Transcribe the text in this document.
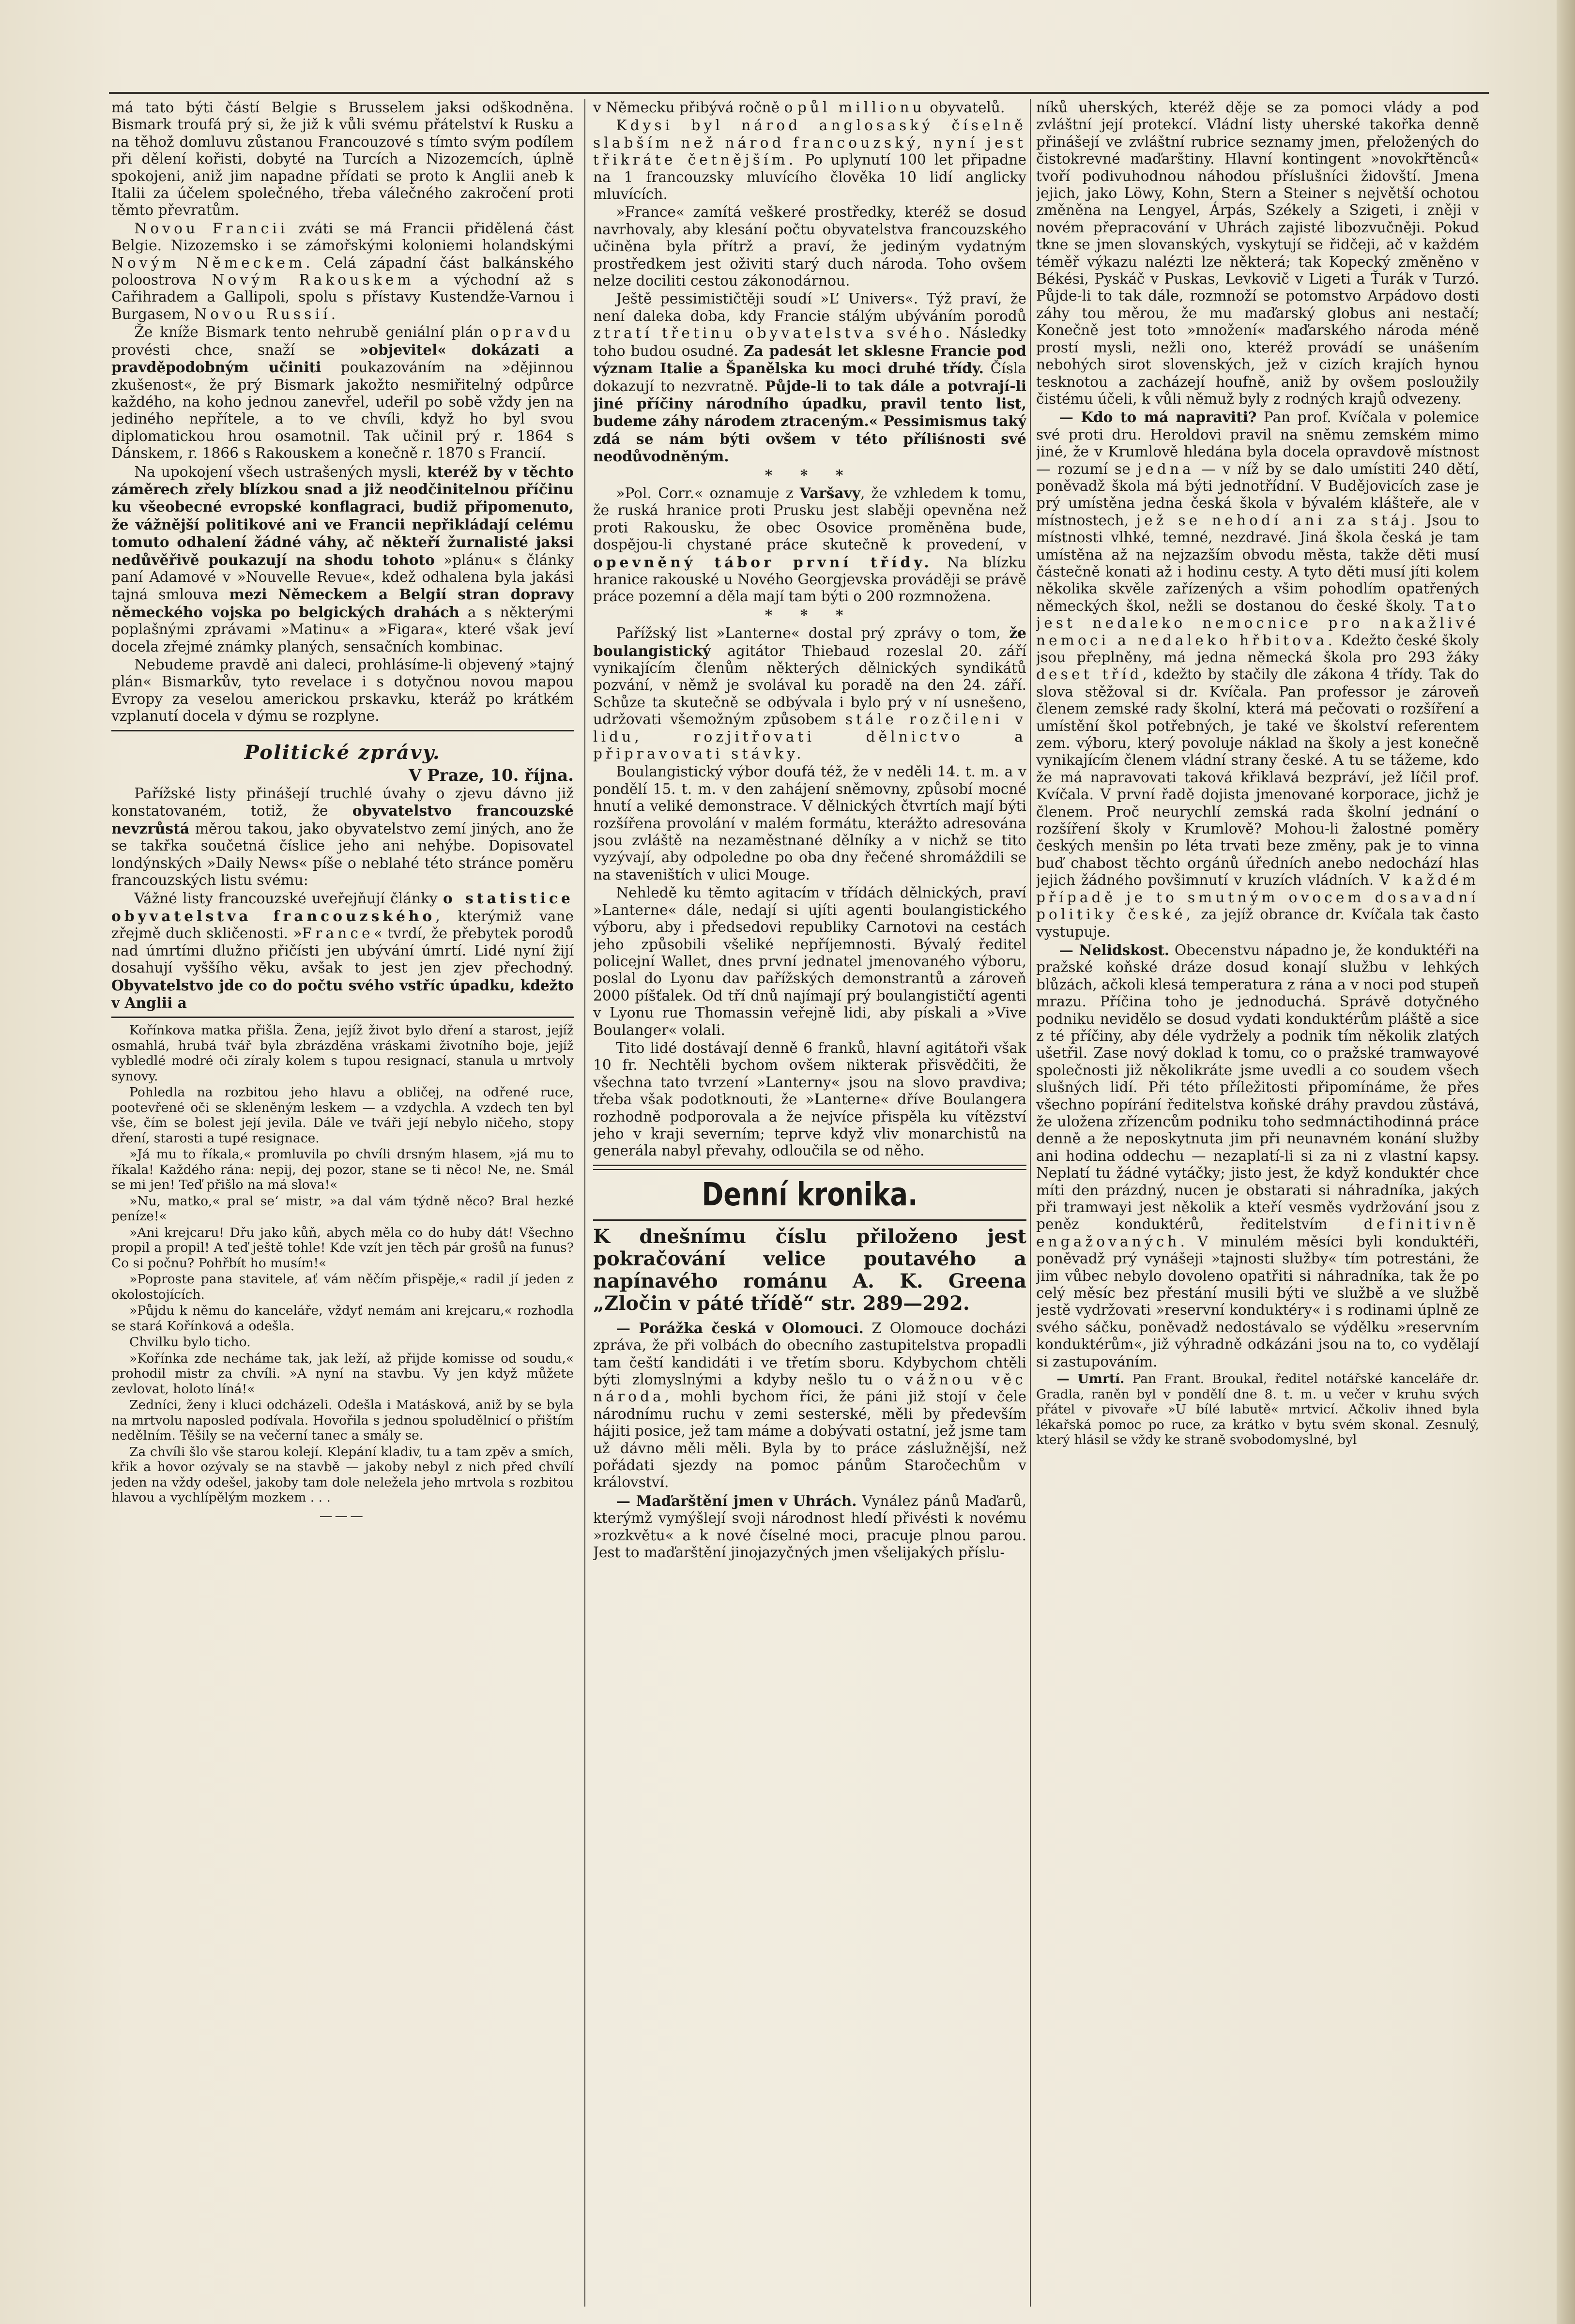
má tato býti částí Belgie s Brusselem jaksi odškodněna. Bismark troufá prý si, že již k vůli svému přátelství k Rusku a na těhož domluvu zůstanou Francouzové s tímto svým podílem při dělení kořisti, dobyté na Turcích a Nizozemcích, úplně spokojeni, aniž jim napadne přídati se proto k Anglii aneb k Italii za účelem společného, třeba válečného zakročení proti těmto převratům.

Novou Francii zváti se má Francii přidělená část Belgie. Nizozemsko i se zámořskými koloniemi holandskými Novým Německem. Celá západní část balkánského poloostrova Novým Rakouskem a východní až s Cařihradem a Gallipoli, spolu s přístavy Kustendže-Varnou i Burgasem, Novou Russií.

Že kníže Bismark tento nehrubě geniální plán opravdu provésti chce, snaží se »objevitel« dokázati a pravděpodobným učiniti poukazováním na »dějinnou zkušenost«, že prý Bismark jakožto nesmiřitelný odpůrce každého, na koho jednou zanevřel, udeřil po sobě vždy jen na jediného nepřítele, a to ve chvíli, když ho byl svou diplomatickou hrou osamotnil. Tak učinil prý r. 1864 s Dánskem, r. 1866 s Rakouskem a konečně r. 1870 s Francií.

Na upokojení všech ustrašených mysli, kteréž by v těchto záměrech zřely blízkou snad a již neodčinitelnou příčinu ku všeobecné evropské konflagraci, budiž připomenuto, že vážnější politikové ani ve Francii nepřikládají celému tomuto odhalení žádné váhy, ač někteří žurnalisté jaksi nedůvěřivě poukazují na shodu tohoto »plánu« s články paní Adamové v »Nouvelle Revue«, kdež odhalena byla jakási tajná smlouva mezi Německem a Belgií stran dopravy německého vojska po belgických drahách a s některými poplašnými zprávami »Matinu« a »Figara«, které však jeví docela zřejmé známky planých, sensačních kombinac.

Nebudeme pravdě ani daleci, prohlásíme-li objevený »tajný plán« Bismarkův, tyto revelace i s dotyčnou novou mapou Evropy za veselou americkou prskavku, kteráž po krátkém vzplanutí docela v dýmu se rozplyne.

Politické zprávy.

V Praze, 10. října.

Pařížské listy přinášejí truchlé úvahy o zjevu dávno již konstatovaném, totiž, že obyvatelstvo francouzské nevzrůstá měrou takou, jako obyvatelstvo zemí jiných, ano že se takřka součetná číslice jeho ani nehýbe. Dopisovatel londýnských »Daily News« píše o neblahé této stránce poměru francouzských listu svému:

Vážné listy francouzské uveřejňují články o statistice obyvatelstva francouzského, kterýmiž vane zřejmě duch skličenosti. »France« tvrdí, že přebytek porodů nad úmrtími dlužno přičísti jen ubývání úmrtí. Lidé nyní žijí dosahují vyššího věku, avšak to jest jen zjev přechodný. Obyvatelstvo jde co do počtu svého vstříc úpadku, kdežto v Anglii a

Kořínkova matka přišla. Žena, jejíž život bylo dření a starost, jejíž osmahlá, hrubá tvář byla zbrázděna vráskami životního boje, jejíž vybledlé modré oči zíraly kolem s tupou resignací, stanula u mrtvoly synovy.

Pohledla na rozbitou jeho hlavu a obličej, na odřené ruce, pootevřené oči se skleněným leskem — a vzdychla. A vzdech ten byl vše, čím se bolest její jevila. Dále ve tváři její nebylo ničeho, stopy dření, starosti a tupé resignace.

»Já mu to říkala,« promluvila po chvíli drsným hlasem, »já mu to říkala! Každého rána: nepij, dej pozor, stane se ti něco! Ne, ne. Smál se mi jen! Teď přišlo na má slova!«

»Nu, matko,« pral se‘ mistr, »a dal vám týdně něco? Bral hezké peníze!«

»Ani krejcaru! Dřu jako kůň, abych měla co do huby dát! Všechno propil a propil! A teď ještě tohle! Kde vzít jen těch pár grošů na funus? Co si počnu? Pohřbít ho musím!«

»Poproste pana stavitele, ať vám něčím přispěje,« radil jí jeden z okolostojících.

»Půjdu k němu do kanceláře, vždyť nemám ani krejcaru,« rozhodla se stará Kořínková a odešla.

Chvilku bylo ticho.

»Kořínka zde necháme tak, jak leží, až přijde komisse od soudu,« prohodil mistr za chvíli. »A nyní na stavbu. Vy jen když můžete zevlovat, holoto líná!«

Zedníci, ženy i kluci odcházeli. Odešla i Matásková, aniž by se byla na mrtvolu naposled podívala. Hovořila s jednou spoludělnicí o přištím nedělním. Těšily se na večerní tanec a smály se.

Za chvíli šlo vše starou kolejí. Klepání kladiv, tu a tam zpěv a smích, křik a hovor ozývaly se na stavbě — jakoby nebyl z nich před chvílí jeden na vždy odešel, jakoby tam dole neleželа jeho mrtvola s rozbitou hlavou a vychlípělým mozkem . . .

———

v Německu přibývá ročně o půl millionu obyvatelů.

Kdysi byl národ anglosaský číselně slabším než národ francouzský, nyní jest třikráte četnějším. Po uplynutí 100 let připadne na 1 francouzsky mluvícího člověka 10 lidí anglicky mluvících.

»France« zamítá veškeré prostředky, kteréž se dosud navrhovaly, aby klesání počtu obyvatelstva francouzského učiněna byla přítrž a praví, že jediným vydatným prostředkem jest oživiti starý duch národa. Toho ovšem nelze dociliti cestou zákonodárnou.

Ještě pessimističtěji soudí »L’ Univers«. Týž praví, že není daleka doba, kdy Francie stálým ubýváním porodů ztratí třetinu obyvatelstva svého. Následky toho budou osudné. Za padesát let sklesne Francie pod význam Italie a Španělska ku moci druhé třídy. Čísla dokazují to nezvratně. Půjde-li to tak dále a potvrají-li jiné příčiny národního úpadku, pravil tento list, budeme záhy národem ztraceným.« Pessimismus taký zdá se nám býti ovšem v této příliśnosti své neodůvodněným.

* * *

»Pol. Corr.« oznamuje z Varšavy, že vzhledem k tomu, že ruská hranice proti Prusku jest slaběji opevněna než proti Rakousku, že obec Osovice proměněna bude, dospějou-li chystané práce skutečně k provedení, v opevněný tábor první třídy. Na blízku hranice rakouské u Nového Georgjevska prováději se právě práce pozemní a děla mají tam býti o 200 rozmnožena.

* * *

Pařížský list »Lanterne« dostal prý zprávy o tom, že boulangistický agitátor Thiebaud rozeslal 20. září vynikajícím členům některých dělnických syndikátů pozvání, v němž je svolával ku poradě na den 24. září. Schůze ta skutečně se odbývala i bylo prý v ní usnešeno, udržovati všemožným způsobem stále rozčileni v lidu, rozjitřovati dělnictvo a připravovati stávky.

Boulangistický výbor doufá též, že v neděli 14. t. m. a v pondělí 15. t. m. v den zahájení sněmovny, způsobí mocné hnutí a veliké demonstrace. V dělnických čtvrtích mají býti rozšířena provolání v malém formátu, kterážto adresována jsou zvláště na nezaměstnané dělníky a v nichž se tito vyzývají, aby odpoledne po oba dny řečené shromáždili se na staveništích v ulici Mouge.

Nehledě ku těmto agitacím v třídách dělnických, praví »Lanterne« dále, nedají si ujíti agenti boulangistického výboru, aby i předsedovi republiky Carnotovi na cestách jeho způsobili všeliké nepříjemnosti. Bývalý ředitel policejní Wallet, dnes první jednatel jmenovaného výboru, poslal do Lyonu dav pařížských demonstrantů a zároveň 2000 píšťalek. Od tří dnů najímají prý boulangističtí agenti v Lyonu rue Thomassin veřejně lidi, aby pískali a »Vive Boulanger« volali.

Tito lidé dostávají denně 6 franků, hlavní agitátoři však 10 fr. Nechtěli bychom ovšem nikterak přisvědčiti, že všechna tato tvrzení »Lanterny« jsou na slovo pravdivа; třeba však podotknouti, že »Lanterne« dříve Boulangera rozhodně podporovala a že nejvíce přispěla ku vítězství jeho v kraji severním; teprve když vliv monarchistů na generála nabyl převahy, odloučila se od něho.

Denní kronika.

K dnešnímu číslu přiloženo jest pokračování velice poutavého a napínavého románu A. K. Greena „Zločin v páté třídě“ str. 289—292.

— Porážka česká v Olomouci. Z Olomouce docházi zpráva, že při volbách do obecního zastupitelstva propadli tam čeští kandidáti i ve třetím sboru. Kdybychom chtěli býti zlomyslnými a kdyby nešlo tu o vážnou věc národa, mohli bychom říci, že páni již stojí v čele národnímu ruchu v zemi sesterské, měli by především hájiti posice, jež tam máme a dobývati ostatní, jež jsme tam už dávno měli měli. Byla by to práce záslužnější, než pořádati sjezdy na pomoc pánům Staročechům v království.

— Maďarštění jmen v Uhrách. Vynález pánů Maďarů, kterýmž vymýšlejí svoji národnost hledí přivésti k novému »rozkvětu« a k nové číselné moci, pracuje plnou parou. Jest to maďarštění jinojazyčných jmen všelijakých příslu-

níků uherských, kteréž děje se za pomoci vlády a pod zvláštní její protekcí. Vládní listy uherské takořka denně přinášejí ve zvláštní rubrice seznamy jmen, přeložených do čistokrevné maďarštiny. Hlavní kontingent »novokřtěnců« tvoří podivuhodnou náhodou příslušníci židovští. Jmena jejich, jako Löwy, Kohn, Stern a Steiner s největší ochotou změněna na Lengyel, Árpás, Székely a Szigeti, i zněji v novém přepracování v Uhrách zajisté libozvučněji. Pokud tkne se jmen slovanských, vyskytují se řidčeji, ač v každém téměř výkazu nalézti lze některá; tak Kopecký změněno v Békési, Pyskáč v Puskas, Levkovič v Ligeti a Ťurák v Turzó. Půjde-li to tak dále, rozmnoží se potomstvo Arpádovo dosti záhy tou měrou, že mu maďarský globus ani nestačí; Konečně jest toto »množení« maďarského národa méně prostí mysli, nežli ono, kteréž provádí se unášením nebohých sirot slovenských, jež v cizích krajích hynou tesknotou a zacházejí houfně, aniž by ovšem posloužily čistému účeli, k vůli němuž byly z rodných krajů odvezeny.

— Kdo to má napraviti? Pan prof. Kvíčala v polemice své proti dru. Heroldovi pravil na sněmu zemském mimo jiné, že v Krumlově hledána byla docela opravdově místnost — rozumí se jedna — v níž by se dalo umístiti 240 dětí, poněvadž škola má býti jednotřídní. V Budějovicích zase je prý umístěna jedna česká škola v bývalém klášteře, ale v místnostech, jež se nehodí ani za stáj. Jsou to místnosti vlhké, temné, nezdravé. Jiná škola česká je tam umístěna až na nejzazším obvodu města, takže děti musí částečně konati až i hodinu cesty. A tyto děti musí jíti kolem několika skvěle zařízených a všim pohodlím opatřených německých škol, nežli se dostanou do české školy. Tato jest nedaleko nemocnice pro nakažlivé nemoci a nedaleko hřbitova. Kdežto české školy jsou přeplněny, má jedna německá škola pro 293 žáky deset tříd, kdežto by stačily dle zákona 4 třídy. Tak do slova stěžoval si dr. Kvíčala. Pan professor je zároveň členem zemské rady školní, která má pečovati o rozšíření a umístění škol potřebných, je také ve školství referentem zem. výboru, který povoluje náklad na školy a jest konečně vynikajícím členem vládní strany české. A tu se tážeme, kdo že má napravovati taková křiklavá bezpráví, jež líčil prof. Kvíčala. V první řadě dojista jmenované korporace, jichž je členem. Proč neurychlí zemská rada školní jednání o rozšíření školy v Krumlově? Mohou-li žalostné poměry českých menšin po léta trvati beze změny, pak je to vinna buď chabost těchto orgánů úředních anebo nedochází hlas jejich žádného povšimnutí v kruzích vládních. V každém případě je to smutným ovocem dosavadní politiky české, za jejíž obrance dr. Kvíčala tak často vystupuje.

— Nelidskost. Obecenstvu nápadno je, že konduktéři na pražské koňské dráze dosud konají službu v lehkých blůzách, ačkoli klesá temperatura z rána a v noci pod stupeň mrazu. Příčina toho je jednoduchá. Správě dotyčného podniku nevidělo se dosud vydati konduktérům pláště a sice z té příčiny, aby déle vydržely a podnik tím několik zlatých ušetřil. Zase nový doklad k tomu, co o pražské tramwayové společnosti již několikráte jsme uvedli a co soudem všech slušných lidí. Při této příležitosti připomínáme, že přes všechno popírání ředitelstva koňské dráhy pravdou zůstává, že uložena zřízencům podniku toho sedmnáctihodinná práce denně a že neposkytnuta jim při neunavném konání služby ani hodina oddechu — nezaplatí-li si za ni z vlastní kapsy. Neplatí tu žádné vytáčky; jisto jest, že když konduktér chce míti den prázdný, nucen je obstarati si náhradníka, jakých při tramwayi jest několik a kteří vesměs vydržování jsou z peněz konduktérů, ředitelstvím definitivně engažovaných. V minulém měsíci byli konduktéři, poněvadž prý vynášeji »tajnosti služby« tím potrestáni, že jim vůbec nebylo dovoleno opatřiti si náhradníka, tak že po celý měsíc bez přestání musili býti ve službě a ve službě jestě vydržovati »reservní konduktéry« i s rodinami úplně ze svého sáčku, poněvadž nedostávalo se výdělku »reservním konduktérům«, již výhradně odkázáni jsou na to, co vydělají si zastupováním.

— Umrtí. Pan Frant. Broukal, ředitel notářské kanceláře dr. Gradla, raněn byl v pondělí dne 8. t. m. u večer v kruhu svých přátel v pivovaře »U bílé labutě« mrtvicí. Ačkoliv ihned byla lékařská pomoc po ruce, za krátko v bytu svém skonal. Zesnulý, který hlásil se vždy ke straně svobodomyslné, byl
